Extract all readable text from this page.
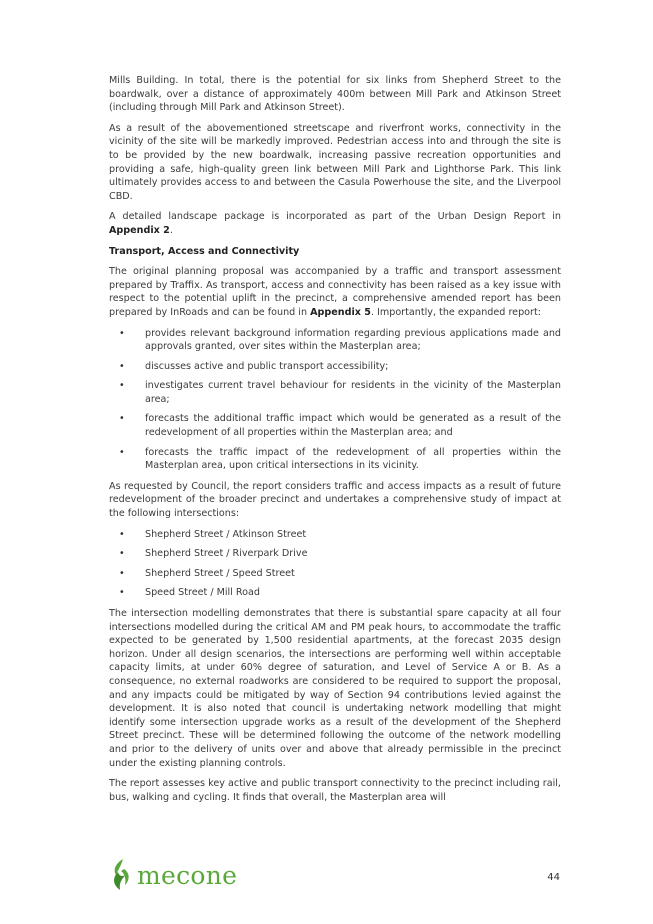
Mills Building. In total, there is the potential for six links from Shepherd Street to the boardwalk, over a distance of approximately 400m between Mill Park and Atkinson Street (including through Mill Park and Atkinson Street).

As a result of the abovementioned streetscape and riverfront works, connectivity in the vicinity of the site will be markedly improved. Pedestrian access into and through the site is to be provided by the new boardwalk, increasing passive recreation opportunities and providing a safe, high-quality green link between Mill Park and Lighthorse Park. This link ultimately provides access to and between the Casula Powerhouse the site, and the Liverpool CBD.

A detailed landscape package is incorporated as part of the Urban Design Report in Appendix 2.

Transport, Access and Connectivity

The original planning proposal was accompanied by a traffic and transport assessment prepared by Traffix. As transport, access and connectivity has been raised as a key issue with respect to the potential uplift in the precinct, a comprehensive amended report has been prepared by InRoads and can be found in Appendix 5. Importantly, the expanded report:

• provides relevant background information regarding previous applications made and approvals granted, over sites within the Masterplan area;
• discusses active and public transport accessibility;
• investigates current travel behaviour for residents in the vicinity of the Masterplan area;
• forecasts the additional traffic impact which would be generated as a result of the redevelopment of all properties within the Masterplan area; and
• forecasts the traffic impact of the redevelopment of all properties within the Masterplan area, upon critical intersections in its vicinity.

As requested by Council, the report considers traffic and access impacts as a result of future redevelopment of the broader precinct and undertakes a comprehensive study of impact at the following intersections:

• Shepherd Street / Atkinson Street
• Shepherd Street / Riverpark Drive
• Shepherd Street / Speed Street
• Speed Street / Mill Road

The intersection modelling demonstrates that there is substantial spare capacity at all four intersections modelled during the critical AM and PM peak hours, to accommodate the traffic expected to be generated by 1,500 residential apartments, at the forecast 2035 design horizon. Under all design scenarios, the intersections are performing well within acceptable capacity limits, at under 60% degree of saturation, and Level of Service A or B. As a consequence, no external roadworks are considered to be required to support the proposal, and any impacts could be mitigated by way of Section 94 contributions levied against the development. It is also noted that council is undertaking network modelling that might identify some intersection upgrade works as a result of the development of the Shepherd Street precinct. These will be determined following the outcome of the network modelling and prior to the delivery of units over and above that already permissible in the precinct under the existing planning controls.

The report assesses key active and public transport connectivity to the precinct including rail, bus, walking and cycling. It finds that overall, the Masterplan area will

mecone	44
